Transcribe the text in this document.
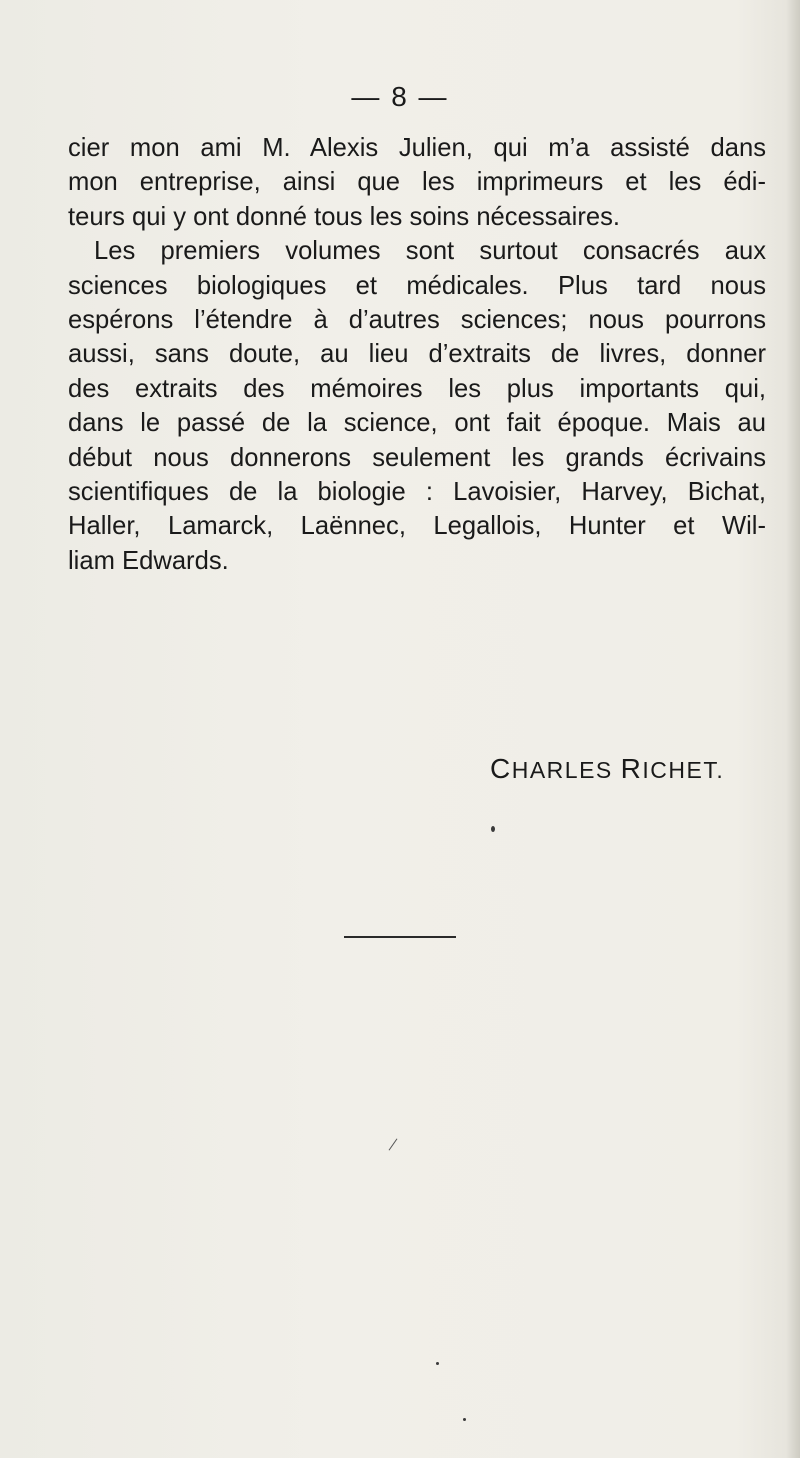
— 8 —
cier mon ami M. Alexis Julien, qui m’a assisté dans
mon entreprise, ainsi que les imprimeurs et les édi-
teurs qui y ont donné tous les soins nécessaires.
Les premiers volumes sont surtout consacrés aux
sciences biologiques et médicales. Plus tard nous
espérons l’étendre à d’autres sciences; nous pourrons
aussi, sans doute, au lieu d’extraits de livres, donner
des extraits des mémoires les plus importants qui,
dans le passé de la science, ont fait époque. Mais au
début nous donnerons seulement les grands écrivains
scientifiques de la biologie : Lavoisier, Harvey, Bichat,
Haller, Lamarck, Laënnec, Legallois, Hunter et Wil-
liam Edwards.
CHARLES RICHET.
